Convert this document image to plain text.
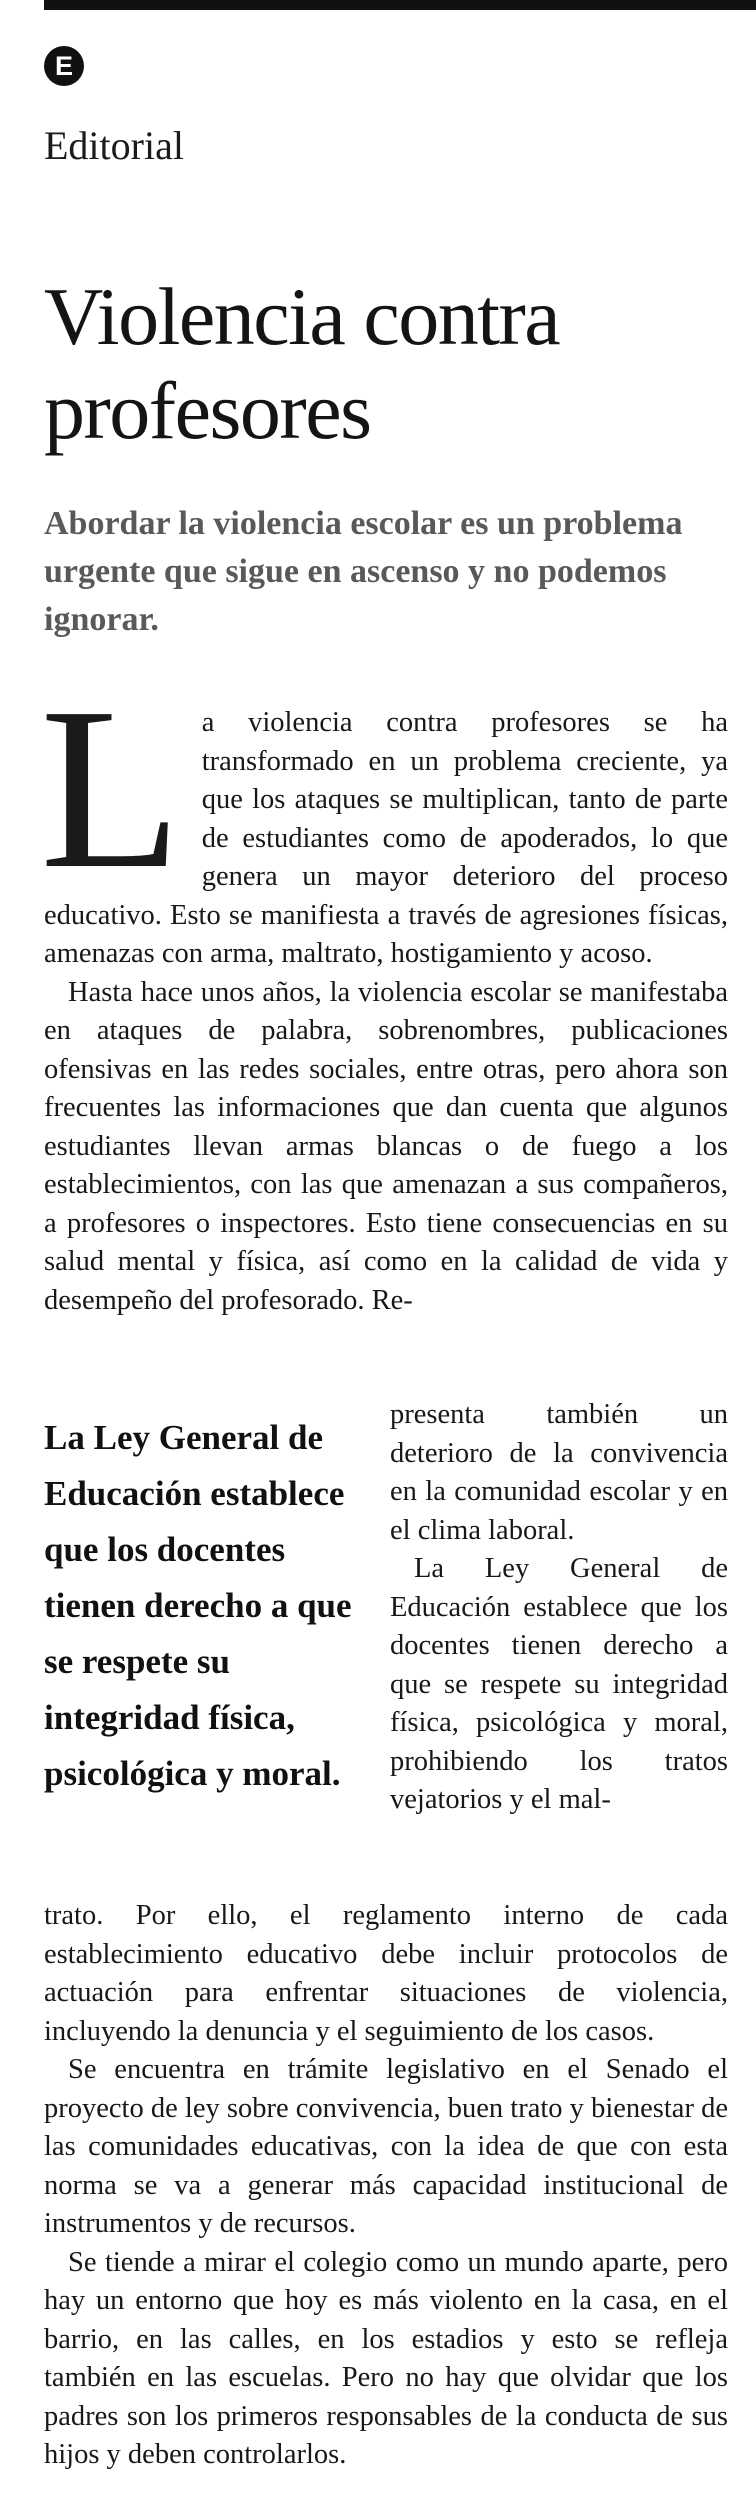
E
Editorial
Violencia contra profesores

Abordar la violencia escolar es un problema urgente que sigue en ascenso y no podemos ignorar.

La violencia contra profesores se ha transformado en un problema creciente, ya que los ataques se multiplican, tanto de parte de estudiantes como de apoderados, lo que genera un mayor deterioro del proceso educativo. Esto se manifiesta a través de agresiones físicas, amenazas con arma, maltrato, hostigamiento y acoso.

Hasta hace unos años, la violencia escolar se manifestaba en ataques de palabra, sobrenombres, publicaciones ofensivas en las redes sociales, entre otras, pero ahora son frecuentes las informaciones que dan cuenta que algunos estudiantes llevan armas blancas o de fuego a los establecimientos, con las que amenazan a sus compañeros, a profesores o inspectores. Esto tiene consecuencias en su salud mental y física, así como en la calidad de vida y desempeño del profesorado. Re-

La Ley General de Educación establece que los docentes tienen derecho a que se respete su integridad física, psicológica y moral.

presenta también un deterioro de la convivencia en la comunidad escolar y en el clima laboral.

La Ley General de Educación establece que los docentes tienen derecho a que se respete su integridad física, psicológica y moral, prohibiendo los tratos vejatorios y el mal-

trato. Por ello, el reglamento interno de cada establecimiento educativo debe incluir protocolos de actuación para enfrentar situaciones de violencia, incluyendo la denuncia y el seguimiento de los casos.

Se encuentra en trámite legislativo en el Senado el proyecto de ley sobre convivencia, buen trato y bienestar de las comunidades educativas, con la idea de que con esta norma se va a generar más capacidad institucional de instrumentos y de recursos.

Se tiende a mirar el colegio como un mundo aparte, pero hay un entorno que hoy es más violento en la casa, en el barrio, en las calles, en los estadios y esto se refleja también en las escuelas. Pero no hay que olvidar que los padres son los primeros responsables de la conducta de sus hijos y deben controlarlos.
